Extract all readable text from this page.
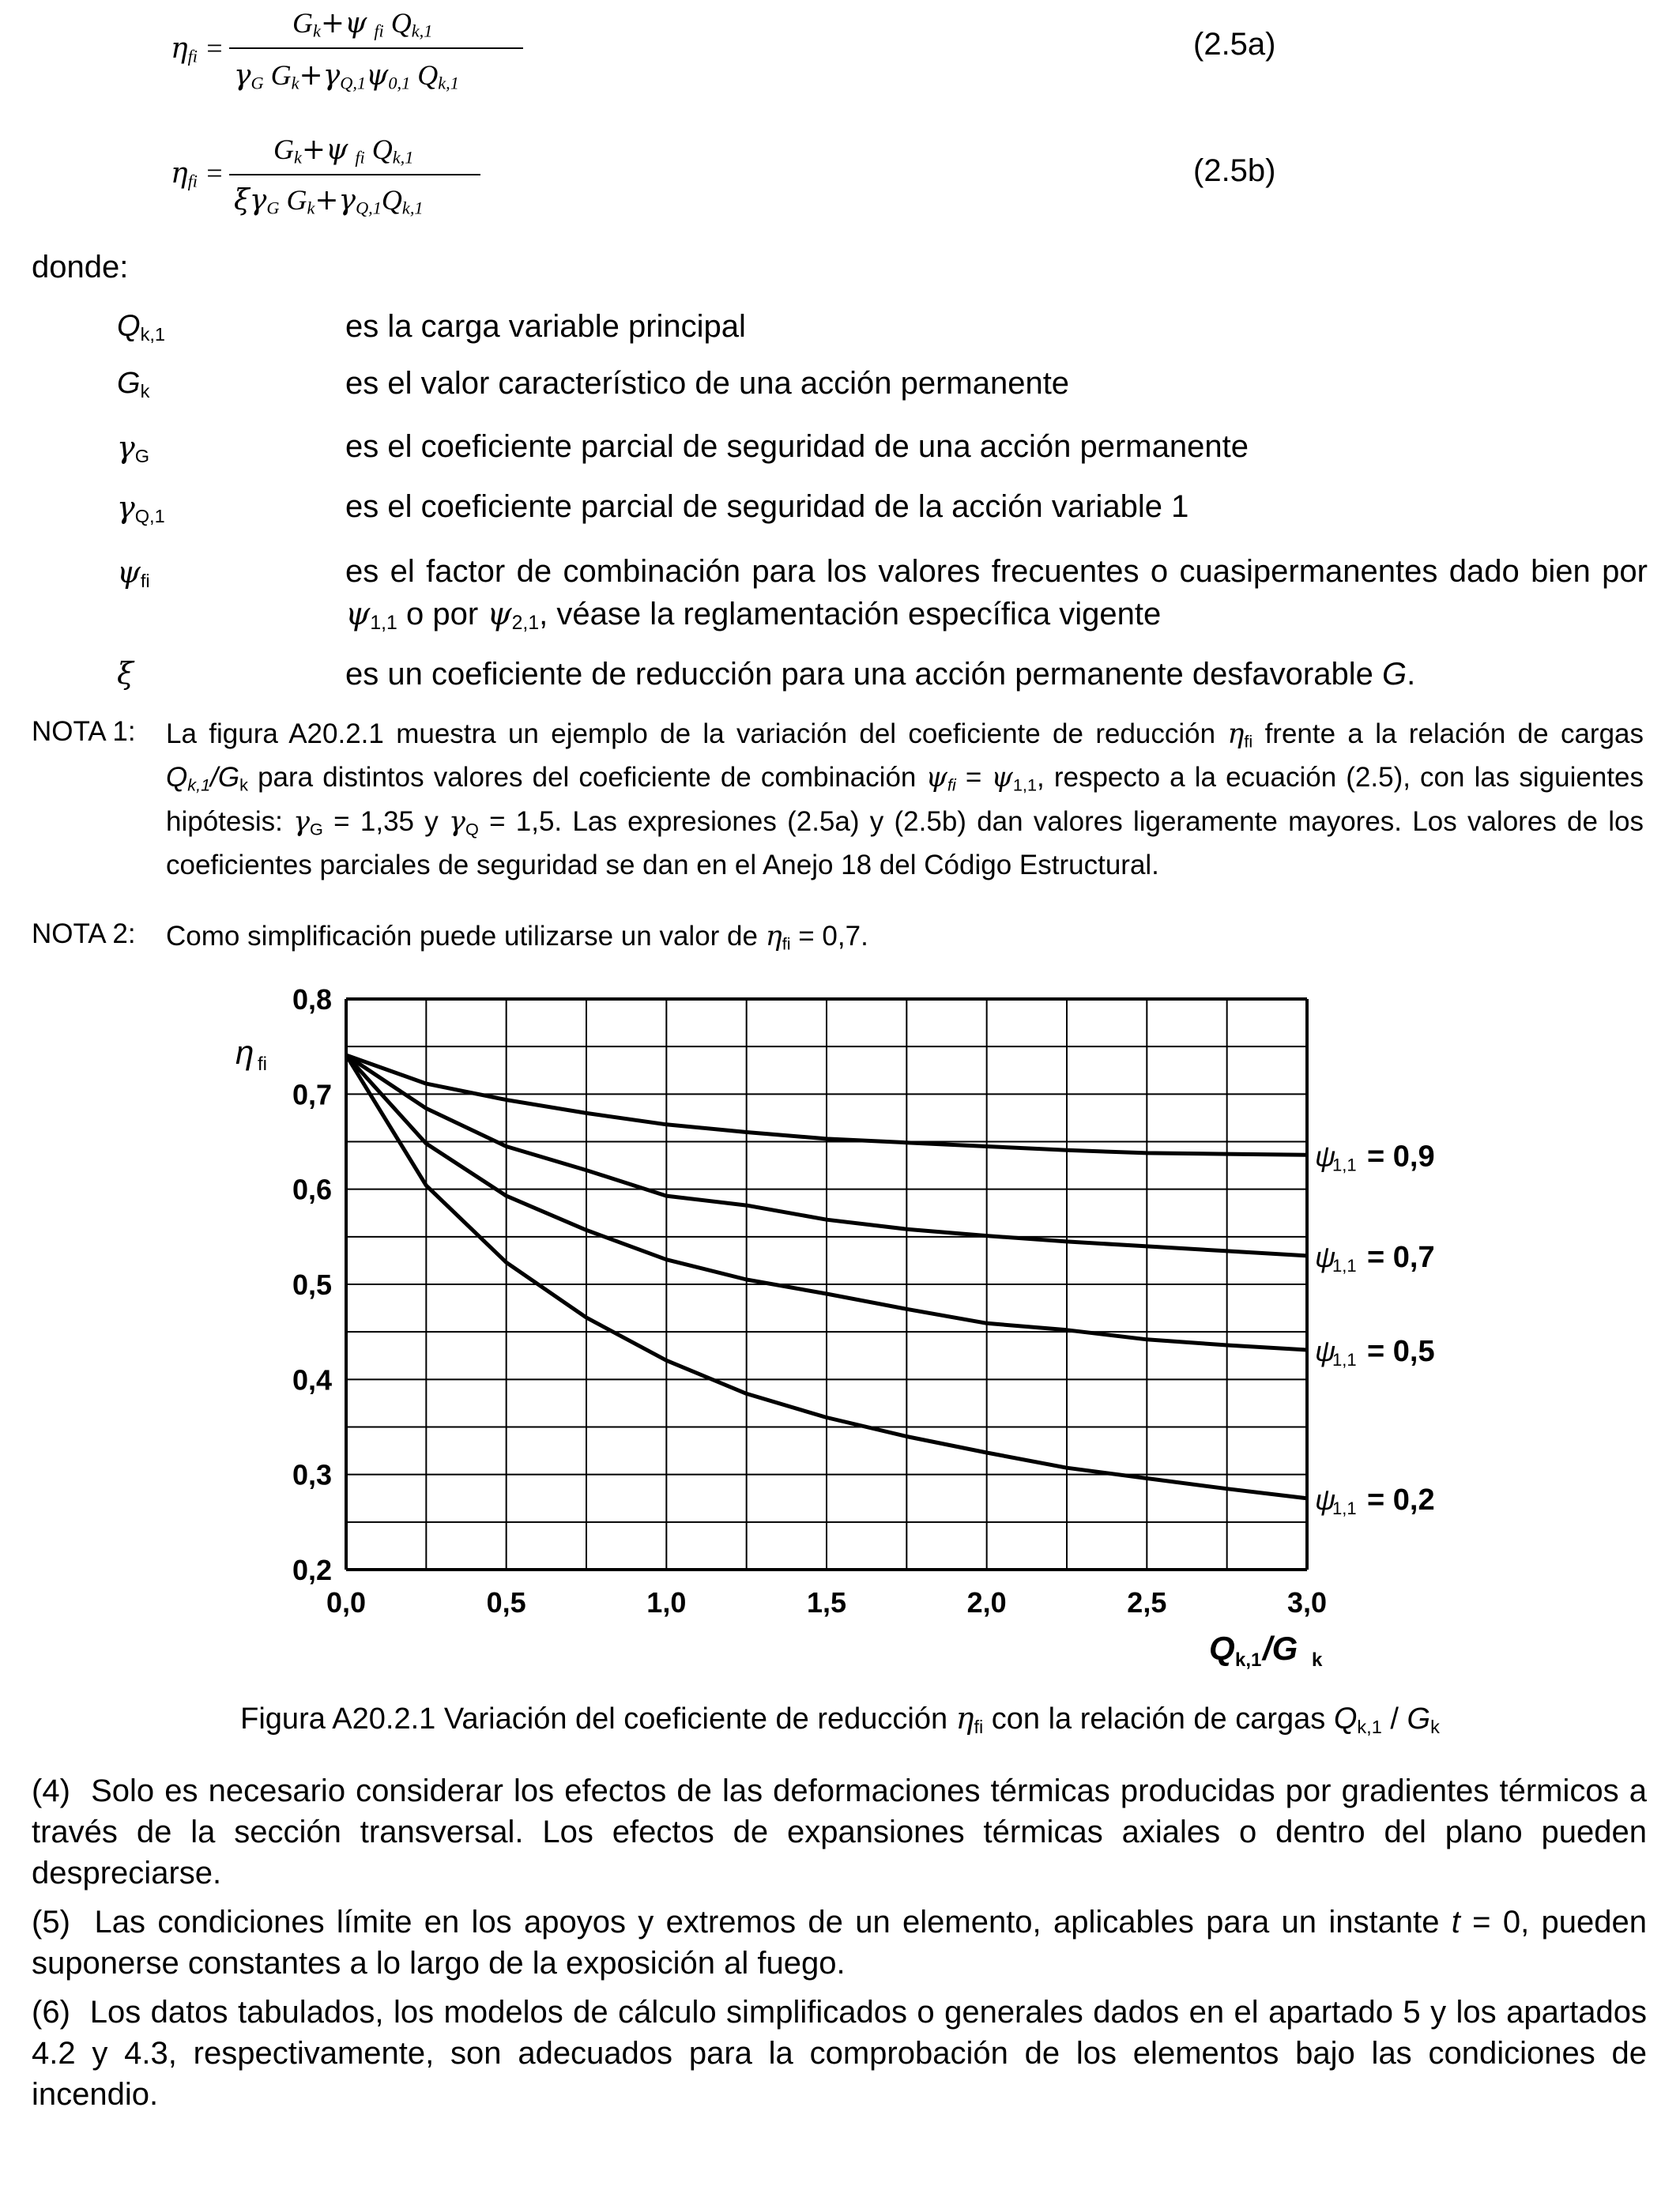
$\eta_{fi}$ =
$G_k+\psi$ $_{fi}$ $Q_{k,1}$
$\gamma_G$ $G_k+\gamma_{Q,1}\psi_{0,1}$ $Q_{k,1}$
(2.5a)
$\eta_{fi}$ =
$G_k+\psi$ $_{fi}$ $Q_{k,1}$
$\xi\gamma_G$ $G_k+\gamma_{Q,1}Q_{k,1}$
(2.5b)
donde:
$Q_{k,1}$	es la carga variable principal
$G_k$	es el valor característico de una acción permanente
$\gamma_G$	es el coeficiente parcial de seguridad de una acción permanente
$\gamma_{Q,1}$	es el coeficiente parcial de seguridad de la acción variable 1
$\psi_{fi}$	es el factor de combinación para los valores frecuentes o cuasipermanentes dado bien por $\psi_{1,1}$ o por $\psi_{2,1}$, véase la reglamentación específica vigente
ξ	es un coeficiente de reducción para una acción permanente desfavorable G.
NOTA 1: La figura A20.2.1 muestra un ejemplo de la variación del coeficiente de reducción $\eta_{fi}$ frente a la relación de cargas $Q_{k,1}/G_k$ para distintos valores del coeficiente de combinación $\psi_{fi} = \psi_{1,1}$, respecto a la ecuación (2.5), con las siguientes hipótesis: $\gamma_G = 1,35$ y $\gamma_Q = 1,5$. Las expresiones (2.5a) y (2.5b) dan valores ligeramente mayores. Los valores de los coeficientes parciales de seguridad se dan en el Anejo 18 del Código Estructural.
NOTA 2: Como simplificación puede utilizarse un valor de $\eta_{fi} = 0,7$.
0,8
0,7
0,6
0,5
0,4
0,3
0,2
0,0	0,5	1,0	1,5	2,0	2,5	3,0
η fi
Q k,1 /G k
ψ
1,1 = 0,9
ψ
1,1 = 0,7
ψ
1,1 = 0,5
ψ
1,1 = 0,2
Figura A20.2.1 Variación del coeficiente de reducción $\eta_{fi}$ con la relación de cargas $Q_{k,1} / G_k$
(4) Solo es necesario considerar los efectos de las deformaciones térmicas producidas por gradientes térmicos a través de la sección transversal. Los efectos de expansiones térmicas axiales o dentro del plano pueden despreciarse.
(5) Las condiciones límite en los apoyos y extremos de un elemento, aplicables para un instante t = 0, pueden suponerse constantes a lo largo de la exposición al fuego.
(6) Los datos tabulados, los modelos de cálculo simplificados o generales dados en el apartado 5 y los apartados 4.2 y 4.3, respectivamente, son adecuados para la comprobación de los elementos bajo las condiciones de incendio.
